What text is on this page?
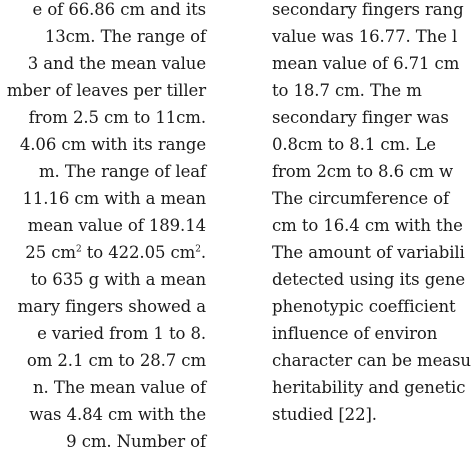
e of 66.86 cm and its
13cm. The range of
3 and the mean value
mber of leaves per tiller
from 2.5 cm to 11cm.
4.06 cm with its range
m. The range of leaf
11.16 cm with a mean
mean value of 189.14
25 $cm^2$ to 422.05 $cm^2$.
to 635 g with a mean
mary fingers showed a
e varied from 1 to 8.
om 2.1 cm to 28.7 cm
n. The mean value of
was 4.84 cm with the
9 cm. Number of
secondary fingers rang
value was 16.77. The l
mean value of 6.71 cm
to 18.7 cm. The m
secondary finger was
0.8cm to 8.1 cm. Le
from 2cm to 8.6 cm w
The circumference of
cm to 16.4 cm with the
The amount of variabili
detected using its gene
phenotypic coefficient
influence of environ
character can be measu
heritability and genetic
studied [22].
